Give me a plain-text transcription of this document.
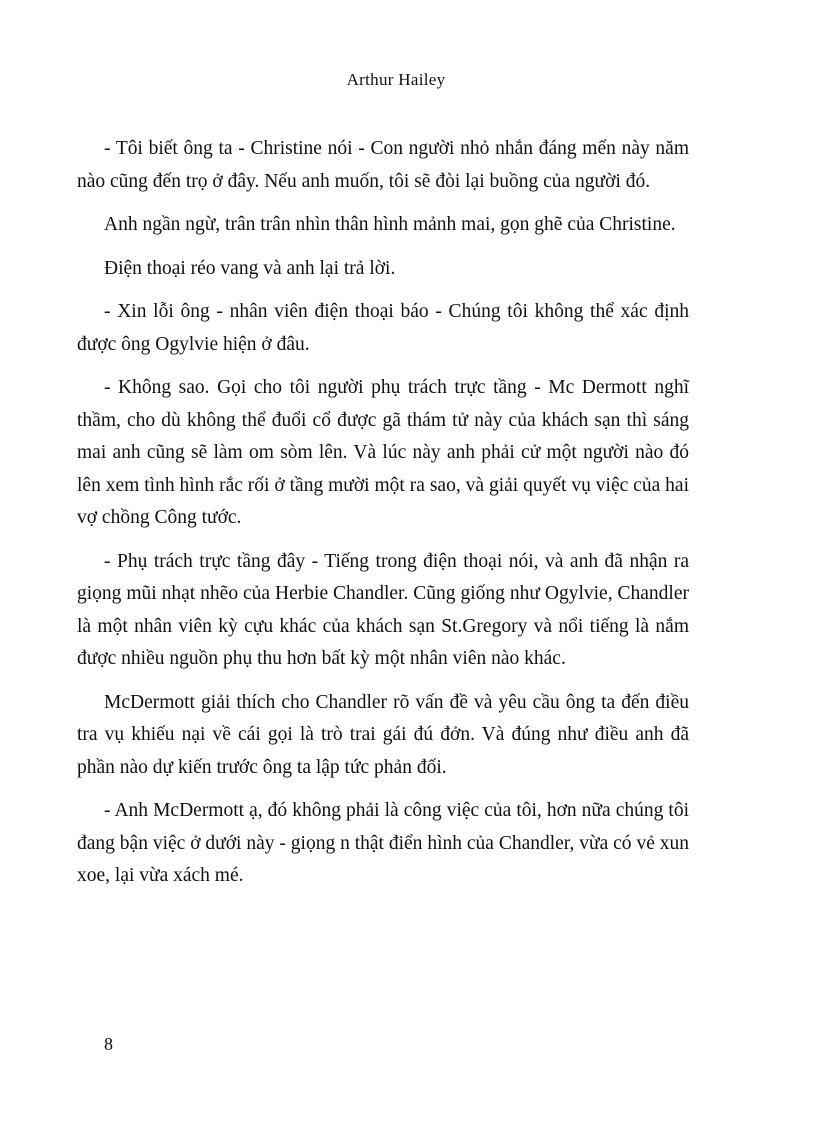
Arthur Hailey

- Tôi biết ông ta - Christine nói - Con người nhỏ nhắn đáng mến này năm nào cũng đến trọ ở đây. Nếu anh muốn, tôi sẽ đòi lại buồng của người đó.

Anh ngần ngừ, trân trân nhìn thân hình mảnh mai, gọn ghẽ của Christine.

Điện thoại réo vang và anh lại trả lời.

- Xin lỗi ông - nhân viên điện thoại báo - Chúng tôi không thể xác định được ông Ogylvie hiện ở đâu.

- Không sao. Gọi cho tôi người phụ trách trực tầng - Mc Dermott nghĩ thầm, cho dù không thể đuổi cổ được gã thám tử này của khách sạn thì sáng mai anh cũng sẽ làm om sòm lên. Và lúc này anh phải cử một người nào đó lên xem tình hình rắc rối ở tầng mười một ra sao, và giải quyết vụ việc của hai vợ chồng Công tước.

- Phụ trách trực tầng đây - Tiếng trong điện thoại nói, và anh đã nhận ra giọng mũi nhạt nhẽo của Herbie Chandler. Cũng giống như Ogylvie, Chandler là một nhân viên kỳ cựu khác của khách sạn St.Gregory và nổi tiếng là nắm được nhiều nguồn phụ thu hơn bất kỳ một nhân viên nào khác.

McDermott giải thích cho Chandler rõ vấn đề và yêu cầu ông ta đến điều tra vụ khiếu nại về cái gọi là trò trai gái đú đởn. Và đúng như điều anh đã phần nào dự kiến trước ông ta lập tức phản đối.

- Anh McDermott ạ, đó không phải là công việc của tôi, hơn nữa chúng tôi đang bận việc ở dưới này - giọng n thật điển hình của Chandler, vừa có vẻ xun xoe, lại vừa xách mé.

8
